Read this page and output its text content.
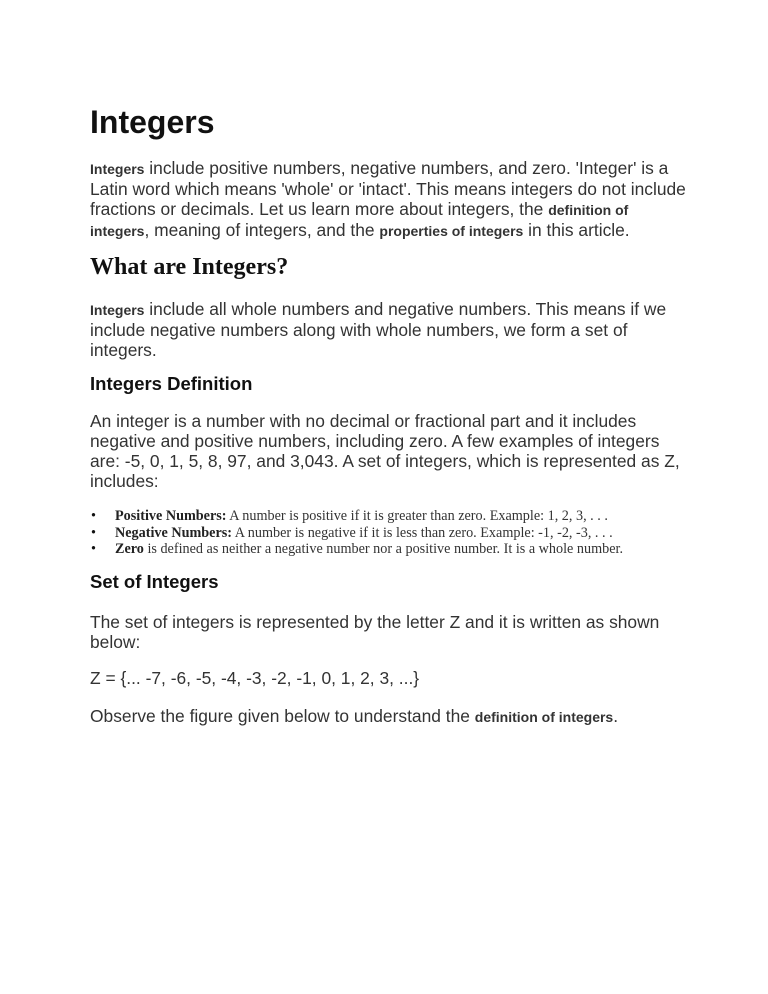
Integers

Integers include positive numbers, negative numbers, and zero. 'Integer' is a Latin word which means 'whole' or 'intact'. This means integers do not include fractions or decimals. Let us learn more about integers, the definition of integers, meaning of integers, and the properties of integers in this article.

What are Integers?

Integers include all whole numbers and negative numbers. This means if we include negative numbers along with whole numbers, we form a set of integers.

Integers Definition

An integer is a number with no decimal or fractional part and it includes negative and positive numbers, including zero. A few examples of integers are: -5, 0, 1, 5, 8, 97, and 3,043. A set of integers, which is represented as Z, includes:

• Positive Numbers: A number is positive if it is greater than zero. Example: 1, 2, 3, . . .
• Negative Numbers: A number is negative if it is less than zero. Example: -1, -2, -3, . . .
• Zero is defined as neither a negative number nor a positive number. It is a whole number.
Set of Integers

The set of integers is represented by the letter Z and it is written as shown below:

Z = {... -7, -6, -5, -4, -3, -2, -1, 0, 1, 2, 3, ...}

Observe the figure given below to understand the definition of integers.
